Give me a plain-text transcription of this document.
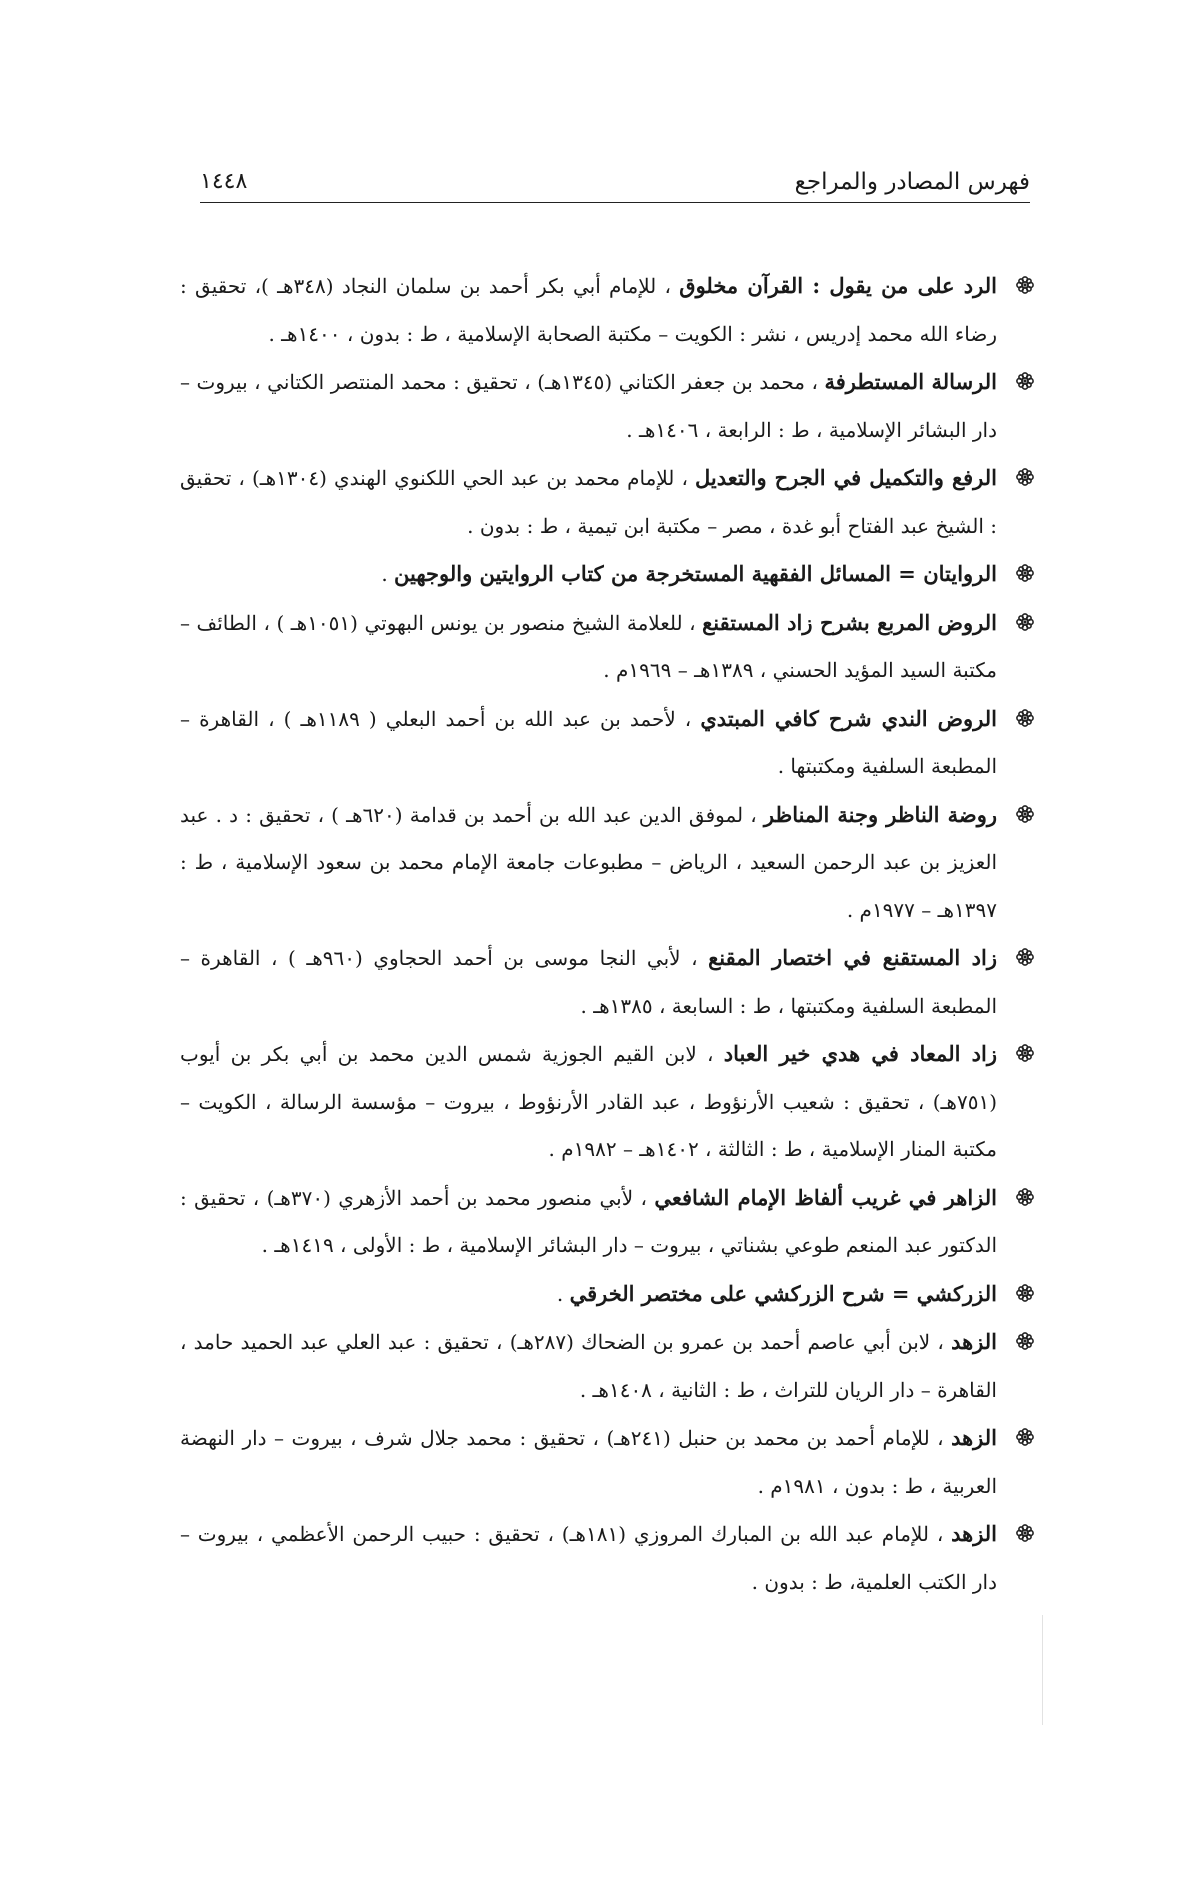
فهرس المصادر والمراجع
١٤٤٨
الرد على من يقول : القرآن مخلوق ، للإمام أبي بكر أحمد بن سلمان النجاد (٣٤٨هـ )، تحقيق : رضاء الله محمد إدريس ، نشر : الكويت – مكتبة الصحابة الإسلامية ، ط : بدون ، ١٤٠٠هـ .
الرسالة المستطرفة ، محمد بن جعفر الكتاني (١٣٤٥هـ) ، تحقيق : محمد المنتصر الكتاني ، بيروت – دار البشائر الإسلامية ، ط : الرابعة ، ١٤٠٦هـ .
الرفع والتكميل في الجرح والتعديل ، للإمام محمد بن عبد الحي اللكنوي الهندي (١٣٠٤هـ) ، تحقيق : الشيخ عبد الفتاح أبو غدة ، مصر – مكتبة ابن تيمية ، ط : بدون .
الروايتان = المسائل الفقهية المستخرجة من كتاب الروايتين والوجهين .
الروض المربع بشرح زاد المستقنع ، للعلامة الشيخ منصور بن يونس البهوتي (١٠٥١هـ ) ، الطائف – مكتبة السيد المؤيد الحسني ، ١٣٨٩هـ – ١٩٦٩م .
الروض الندي شرح كافي المبتدي ، لأحمد بن عبد الله بن أحمد البعلي ( ١١٨٩هـ ) ، القاهرة – المطبعة السلفية ومكتبتها .
روضة الناظر وجنة المناظر ، لموفق الدين عبد الله بن أحمد بن قدامة (٦٢٠هـ ) ، تحقيق : د . عبد العزيز بن عبد الرحمن السعيد ، الرياض – مطبوعات جامعة الإمام محمد بن سعود الإسلامية ، ط : ١٣٩٧هـ – ١٩٧٧م .
زاد المستقنع في اختصار المقنع ، لأبي النجا موسى بن أحمد الحجاوي (٩٦٠هـ ) ، القاهرة – المطبعة السلفية ومكتبتها ، ط : السابعة ، ١٣٨٥هـ .
زاد المعاد في هدي خير العباد ، لابن القيم الجوزية شمس الدين محمد بن أبي بكر بن أيوب (٧٥١هـ) ، تحقيق : شعيب الأرنؤوط ، عبد القادر الأرنؤوط ، بيروت – مؤسسة الرسالة ، الكويت – مكتبة المنار الإسلامية ، ط : الثالثة ، ١٤٠٢هـ – ١٩٨٢م .
الزاهر في غريب ألفاظ الإمام الشافعي ، لأبي منصور محمد بن أحمد الأزهري (٣٧٠هـ) ، تحقيق : الدكتور عبد المنعم طوعي بشناتي ، بيروت – دار البشائر الإسلامية ، ط : الأولى ، ١٤١٩هـ .
الزركشي = شرح الزركشي على مختصر الخرقي .
الزهد ، لابن أبي عاصم أحمد بن عمرو بن الضحاك (٢٨٧هـ) ، تحقيق : عبد العلي عبد الحميد حامد ، القاهرة – دار الريان للتراث ، ط : الثانية ، ١٤٠٨هـ .
الزهد ، للإمام أحمد بن محمد بن حنبل (٢٤١هـ) ، تحقيق : محمد جلال شرف ، بيروت – دار النهضة العربية ، ط : بدون ، ١٩٨١م .
الزهد ، للإمام عبد الله بن المبارك المروزي (١٨١هـ) ، تحقيق : حبيب الرحمن الأعظمي ، بيروت – دار الكتب العلمية، ط : بدون .
